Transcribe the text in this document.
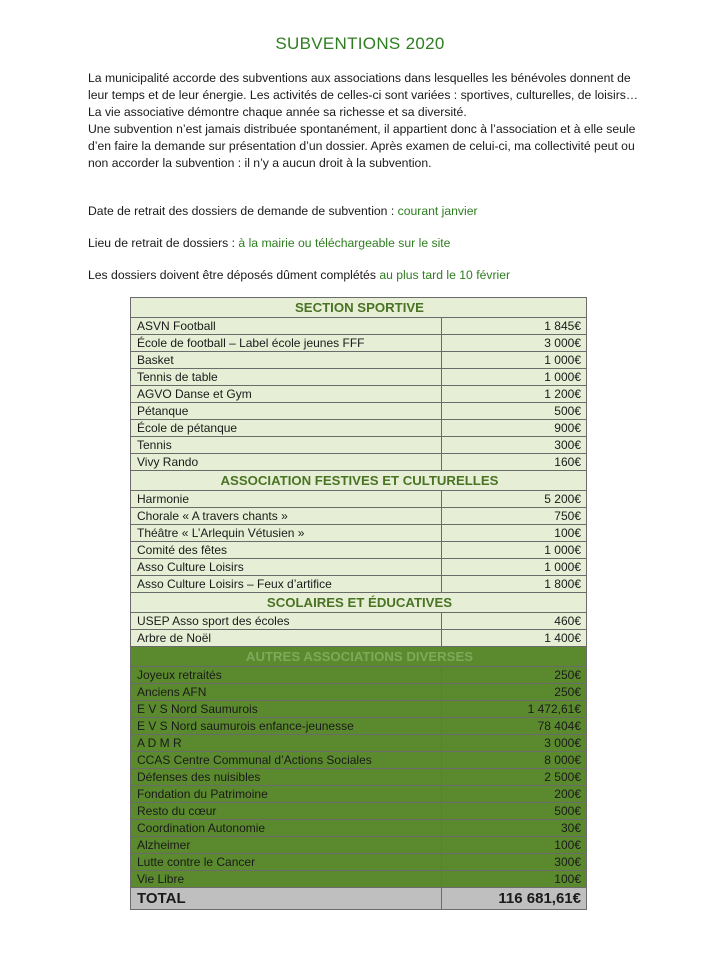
SUBVENTIONS 2020

La municipalité accorde des subventions aux associations dans lesquelles les bénévoles donnent de leur temps et de leur énergie. Les activités de celles-ci sont variées : sportives, culturelles, de loisirs…

La vie associative démontre chaque année sa richesse et sa diversité.

Une subvention n’est jamais distribuée spontanément, il appartient donc à l’association et à elle seule d’en faire la demande sur présentation d’un dossier. Après examen de celui-ci, ma collectivité peut ou non accorder la subvention : il n’y a aucun droit à la subvention.

Date de retrait des dossiers de demande de subvention : courant janvier
Lieu de retrait de dossiers : à la mairie ou téléchargeable sur le site
Les dossiers doivent être déposés dûment complétés au plus tard le 10 février
SECTION SPORTIVE	
ASVN Football	1 845€
École de football – Label école jeunes FFF	3 000€
Basket	1 000€
Tennis de table	1 000€
AGVO Danse et Gym	1 200€
Pétanque	500€
École de pétanque	900€
Tennis	300€
Vivy Rando	160€
ASSOCIATION FESTIVES ET CULTURELLES	
Harmonie	5 200€
Chorale « A travers chants »	750€
Théâtre « L’Arlequin Vétusien »	100€
Comité des fêtes	1 000€
Asso Culture Loisirs	1 000€
Asso Culture Loisirs – Feux d’artifice	1 800€
SCOLAIRES ET ÉDUCATIVES	
USEP Asso sport des écoles	460€
Arbre de Noël	1 400€
AUTRES ASSOCIATIONS DIVERSES	
Joyeux retraités	250€
Anciens AFN	250€
E V S Nord Saumurois	1 472,61€
E V S Nord saumurois enfance-jeunesse	78 404€
A D M R	3 000€
CCAS Centre Communal d’Actions Sociales	8 000€
Défenses des nuisibles	2 500€
Fondation du Patrimoine	200€
Resto du cœur	500€
Coordination Autonomie	30€
Alzheimer	100€
Lutte contre le Cancer	300€
Vie Libre	100€
TOTAL	116 681,61€
